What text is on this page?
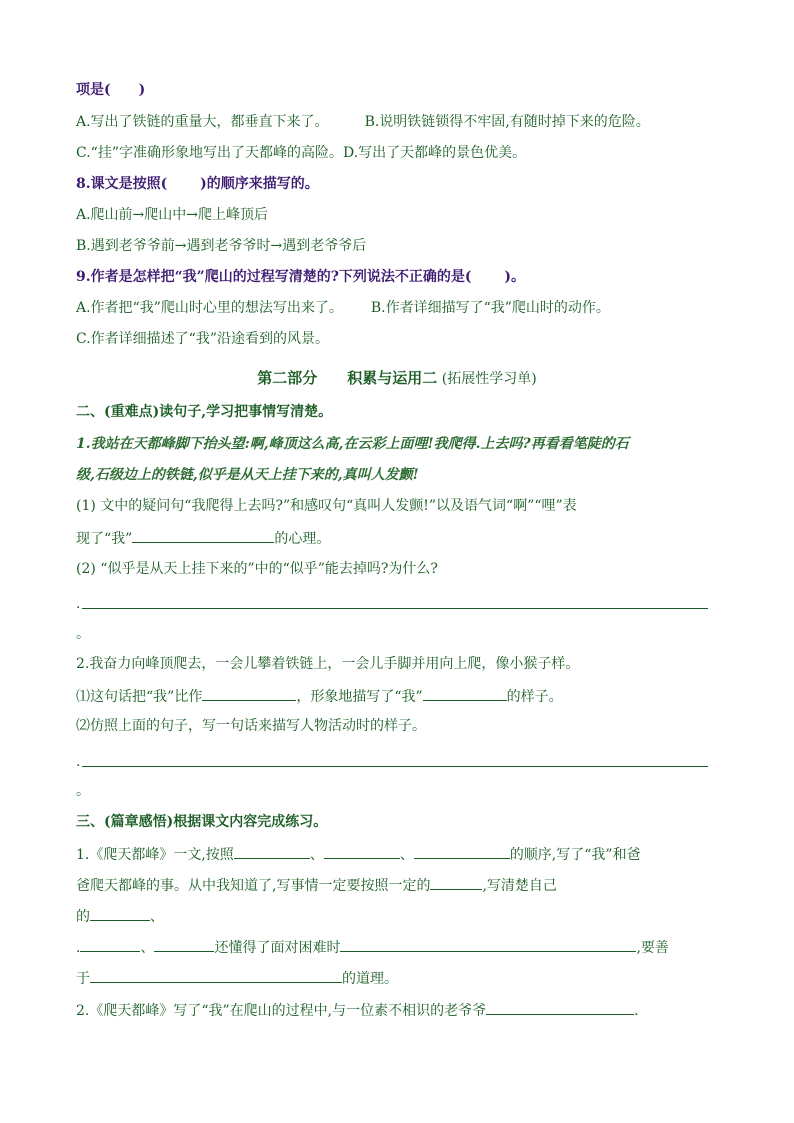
项是(　　)
A.写出了铁链的重量大，都垂直下来了。	B.说明铁链锁得不牢固,有随时掉下来的危险。
C.“挂”字准确形象地写出了天都峰的高险。D.写出了天都峰的景色优美。
8.课文是按照(　　 )的顺序来描写的。
A.爬山前→爬山中→爬上峰顶后
B.遇到老爷爷前→遇到老爷爷时→遇到老爷爷后
9.作者是怎样把“我”爬山的过程写清楚的?下列说法不正确的是(　　 )。
A.作者把“我”爬山时心里的想法写出来了。 B.作者详细描写了“我”爬山时的动作。
C.作者详细描述了“我”沿途看到的风景。
第二部分　　积累与运用二 (拓展性学习单)
二、(重难点)读句子,学习把事情写清楚。
1.我站在天都峰脚下抬头望:啊,峰顶这么高,在云彩上面哩!我爬得.上去吗?再看看笔陡的石
级,石级边上的铁链,似乎是从天上挂下来的,真叫人发颤!
(1) 文中的疑问句“我爬得上去吗?”和感叹句“真叫人发颤!”以及语气词“啊”“哩”表
现了“我”	的心理。
(2) “似乎是从天上挂下来的”中的“似乎”能去掉吗?为什么?
.
。
2.我奋力向峰顶爬去，一会儿攀着铁链上，一会儿手脚并用向上爬，像小猴子样。
⑴这句话把“我”比作	，形象地描写了“我”	的样子。
⑵仿照上面的句子，写一句话来描写人物活动时的样子。
.
。
三、(篇章感悟)根据课文内容完成练习。
1.《爬天都峰》一文,按照	、	、	的顺序,写了“我”和爸
爸爬天都峰的事。从中我知道了,写事情一定要按照一定的	,写清楚自己
的	、
.	、	还懂得了面对困难时	,要善
于	的道理。
2.《爬天都峰》写了“我”在爬山的过程中,与一位素不相识的老爷爷	.
